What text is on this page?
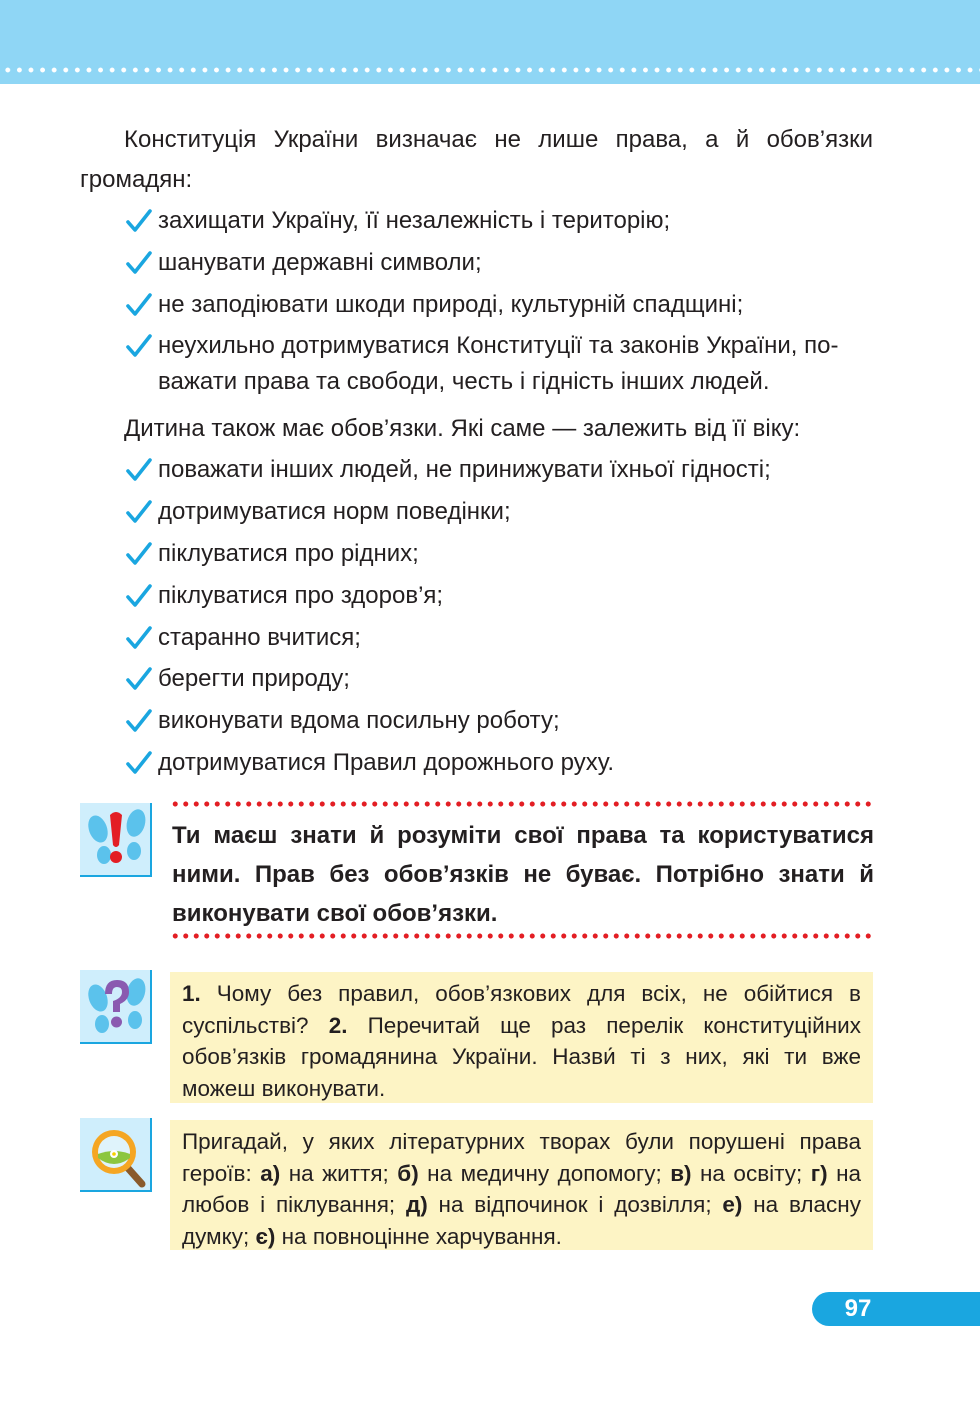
Конституція України визначає не лише права, а й обов’язки громадян:

захищати Україну, її незалежність і територію;
шанувати державні символи;
не заподіювати шкоди природі, культурній спадщині;
неухильно дотримуватися Конституції та законів України, по-
важати права та свободи, честь і гідність інших людей.

Дитина також має обов’язки. Які саме — залежить від її віку:

поважати інших людей, не принижувати їхньої гідності;
дотримуватися норм поведінки;
піклуватися про рідних;
піклуватися про здоров’я;
старанно вчитися;
берегти природу;
виконувати вдома посильну роботу;
дотримуватися Правил дорожнього руху.

Ти маєш знати й розуміти свої права та користуватися ними. Прав без обов’язків не буває. Потрібно знати й виконувати свої обов’язки.

1. Чому без правил, обов’язкових для всіх, не обійтися в суспільстві? 2. Перечитай ще раз перелік конституційних обов’язків громадянина України. Назви́ ті з них, які ти вже можеш виконувати.
Пригадай, у яких літературних творах були порушені права героїв: а) на життя; б) на медичну допомогу; в) на освіту; г) на любов і піклування; д) на відпочинок і дозвілля; е) на власну думку; є) на повноцінне харчування.
97
